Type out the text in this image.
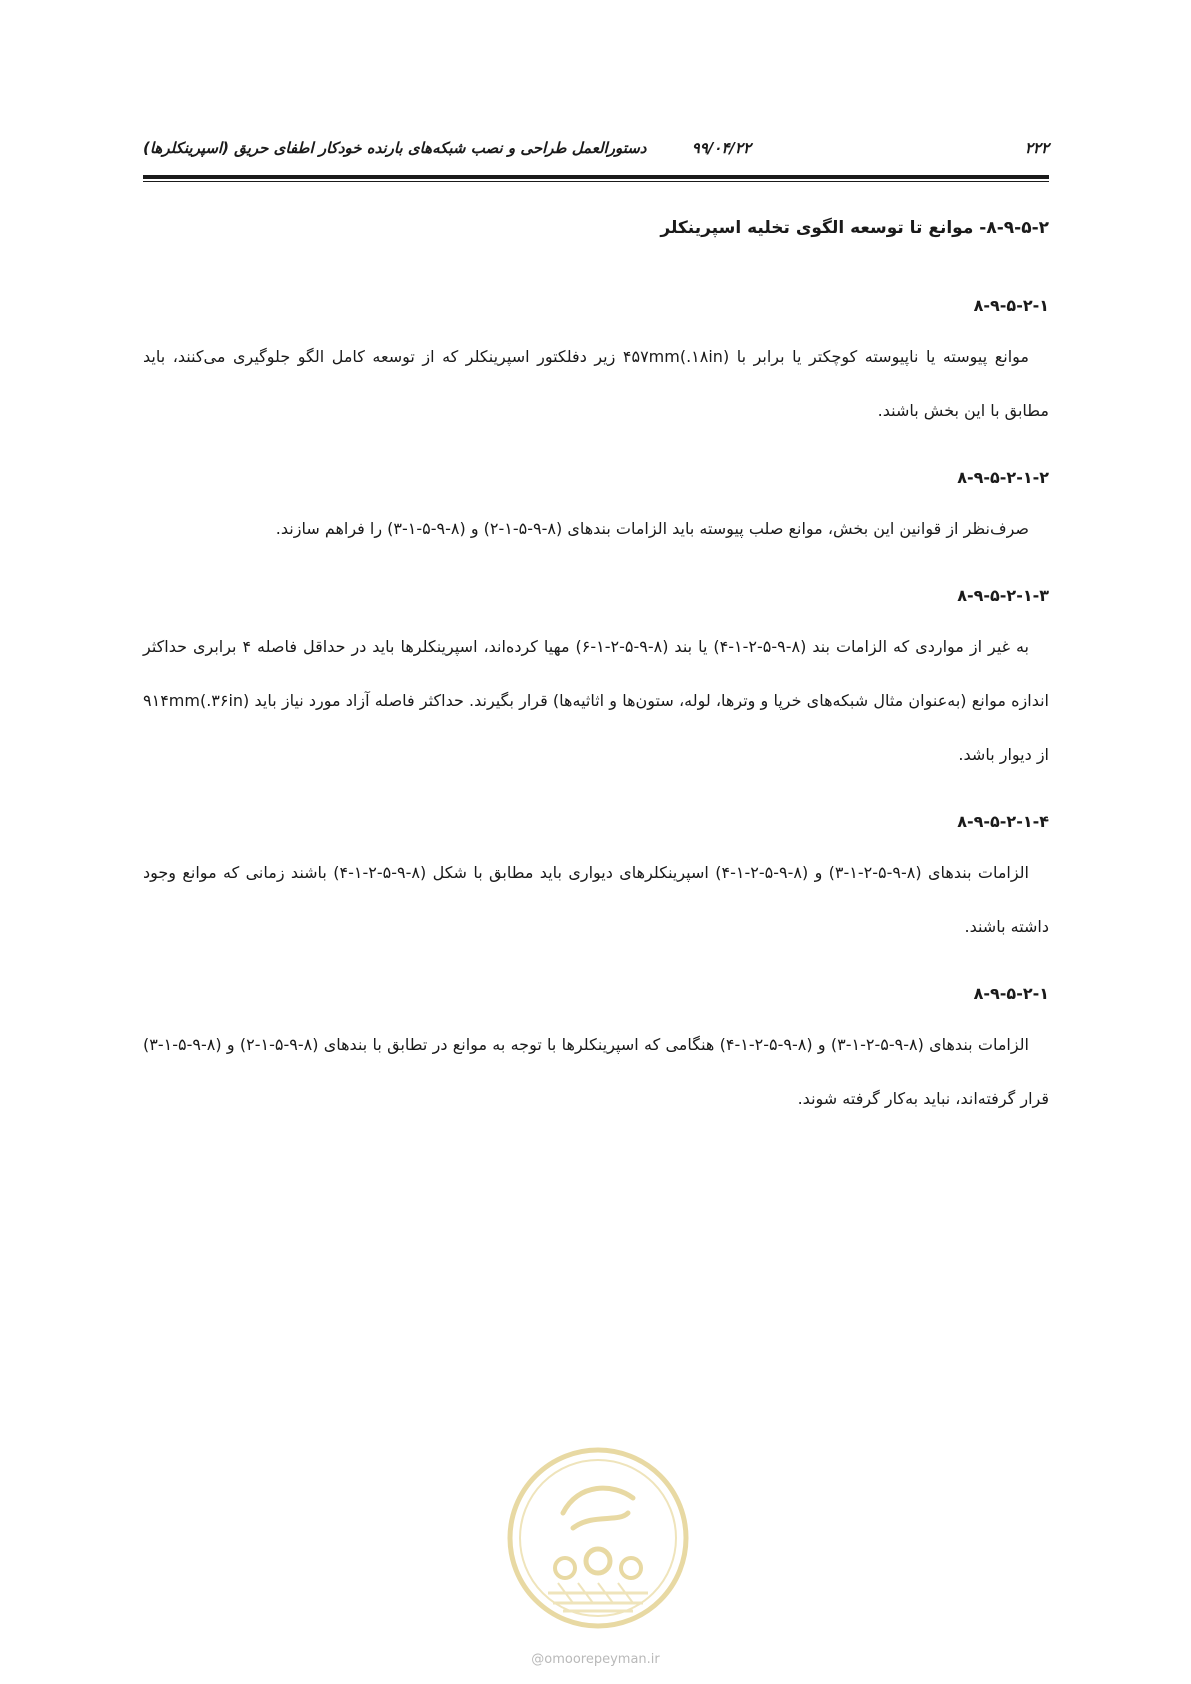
۲۲۲
۹۹/۰۴/۲۲
دستورالعمل طراحی و نصب شبکه‌های بارنده خودکار اطفای حریق (اسپرینکلرها)
۸-۹-۵-۲- موانع تا توسعه الگوی تخلیه اسپرینکلر
۸-۹-۵-۲-۱

موانع پیوسته یا ناپیوسته کوچکتر یا برابر با ۴۵۷mm(.۱۸in) زیر دفلکتور اسپرینکلر که از توسعه کامل الگو جلوگیری می‌کنند، باید مطابق با این بخش باشند.

۸-۹-۵-۲-۱-۲

صرف‌نظر از قوانین این بخش، موانع صلب پیوسته باید الزامات بندهای (۸-۹-۵-۱-۲) و (۸-۹-۵-۱-۳) را فراهم سازند.

۸-۹-۵-۲-۱-۳

به غیر از مواردی که الزامات بند (۸-۹-۵-۲-۱-۴) یا بند (۸-۹-۵-۲-۱-۶) مهیا کرده‌اند، اسپرینکلرها باید در حداقل فاصله ۴ برابری حداکثر اندازه موانع (به‌عنوان مثال شبکه‌های خرپا و وترها، لوله، ستون‌ها و اثاثیه‌ها) قرار بگیرند. حداکثر فاصله آزاد مورد نیاز باید ۹۱۴mm(.۳۶in) از دیوار باشد.

۸-۹-۵-۲-۱-۴

الزامات بندهای (۸-۹-۵-۲-۱-۳) و (۸-۹-۵-۲-۱-۴) اسپرینکلرهای دیواری باید مطابق با شکل (۸-۹-۵-۲-۱-۴) باشند زمانی که موانع وجود داشته باشند.

۸-۹-۵-۲-۱

الزامات بندهای (۸-۹-۵-۲-۱-۳) و (۸-۹-۵-۲-۱-۴) هنگامی که اسپرینکلرها با توجه به موانع در تطابق با بندهای (۸-۹-۵-۱-۲) و (۸-۹-۵-۱-۳) قرار گرفته‌اند، نباید به‌کار گرفته شوند.

@omoorepeyman.ir
